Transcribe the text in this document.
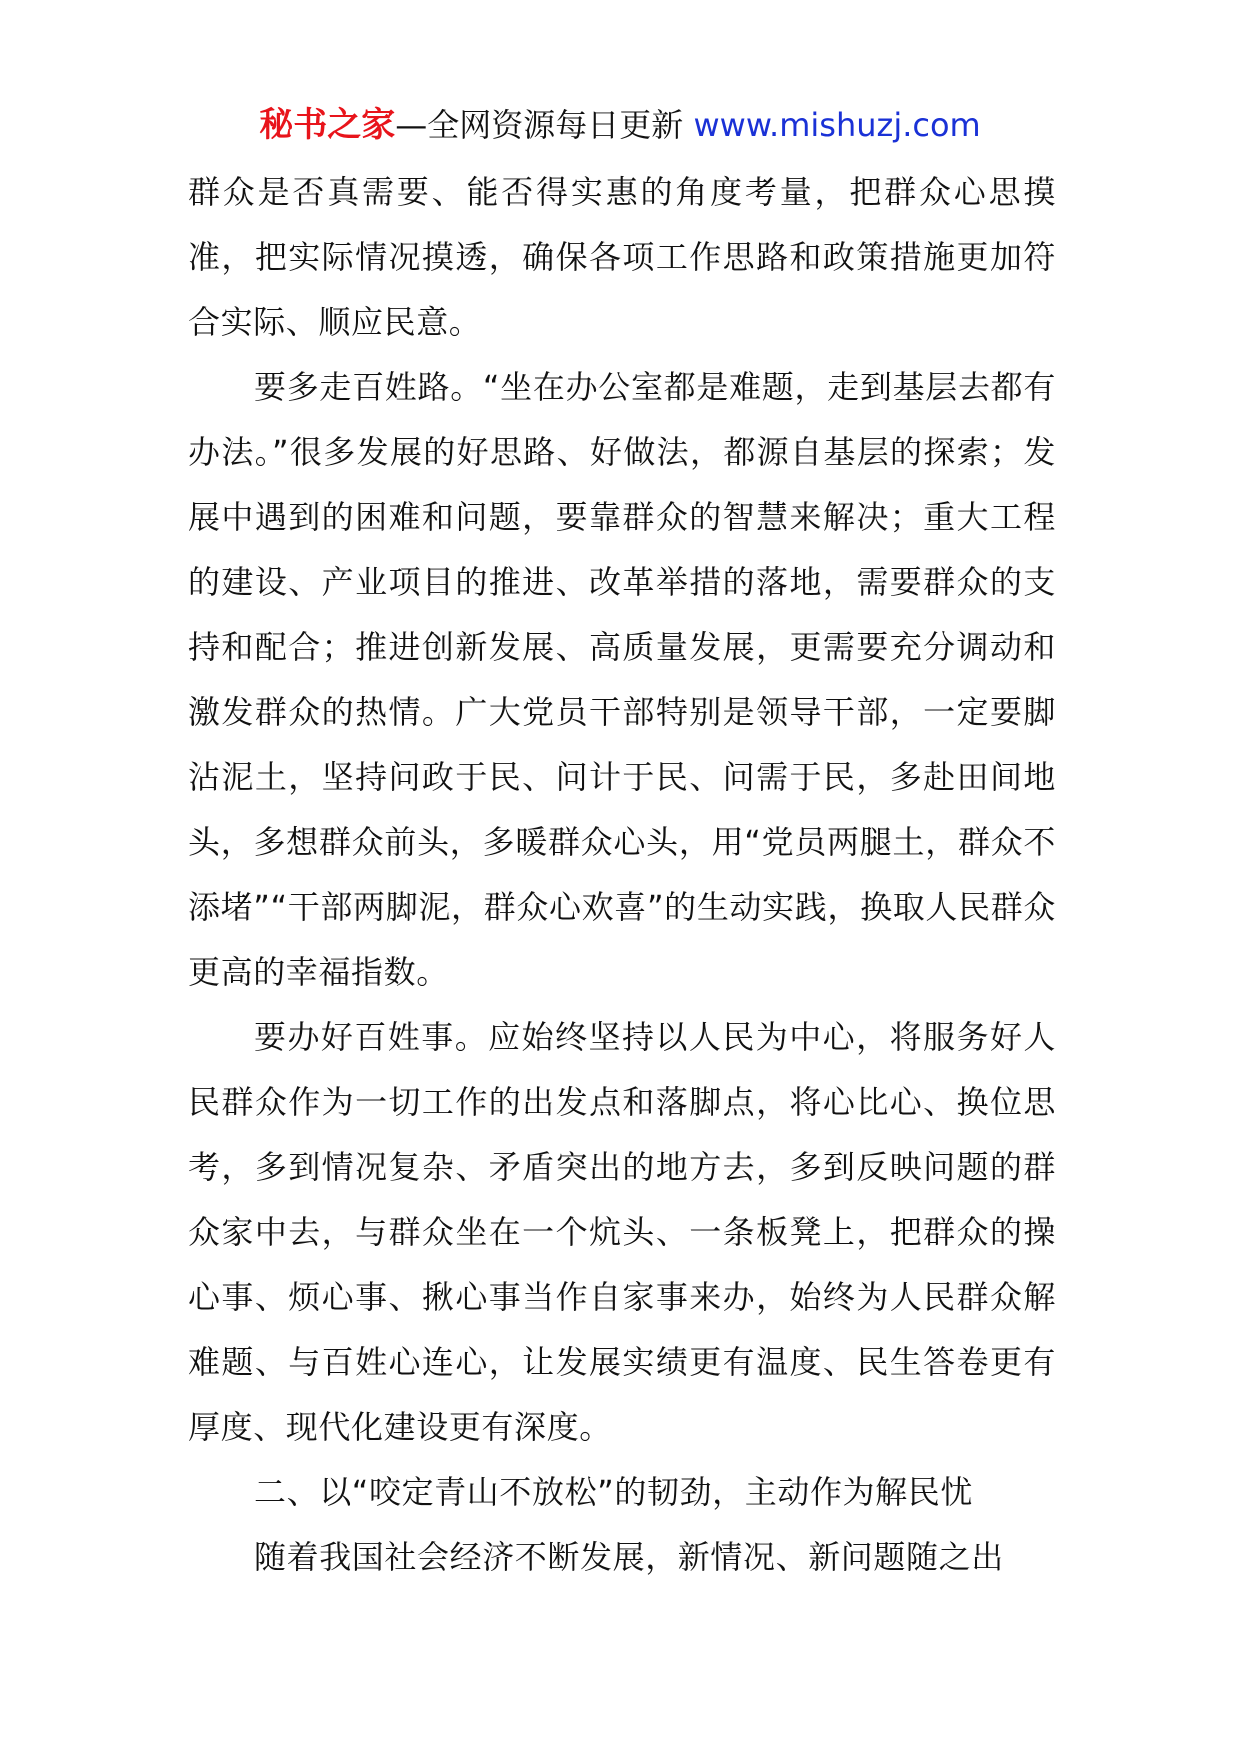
秘书之家—全网资源每日更新 www.mishuzj.com

群众是否真需要、能否得实惠的角度考量，把群众心思摸准，把实际情况摸透，确保各项工作思路和政策措施更加符合实际、顺应民意。

要多走百姓路。“坐在办公室都是难题，走到基层去都有办法。”很多发展的好思路、好做法，都源自基层的探索；发展中遇到的困难和问题，要靠群众的智慧来解决；重大工程的建设、产业项目的推进、改革举措的落地，需要群众的支持和配合；推进创新发展、高质量发展，更需要充分调动和激发群众的热情。广大党员干部特别是领导干部，一定要脚沾泥土，坚持问政于民、问计于民、问需于民，多赴田间地头，多想群众前头，多暖群众心头，用“党员两腿土，群众不添堵”“干部两脚泥，群众心欢喜”的生动实践，换取人民群众更高的幸福指数。

要办好百姓事。应始终坚持以人民为中心，将服务好人民群众作为一切工作的出发点和落脚点，将心比心、换位思考，多到情况复杂、矛盾突出的地方去，多到反映问题的群众家中去，与群众坐在一个炕头、一条板凳上，把群众的操心事、烦心事、揪心事当作自家事来办，始终为人民群众解难题、与百姓心连心，让发展实绩更有温度、民生答卷更有厚度、现代化建设更有深度。

二、以“咬定青山不放松”的韧劲，主动作为解民忧

随着我国社会经济不断发展，新情况、新问题随之出
